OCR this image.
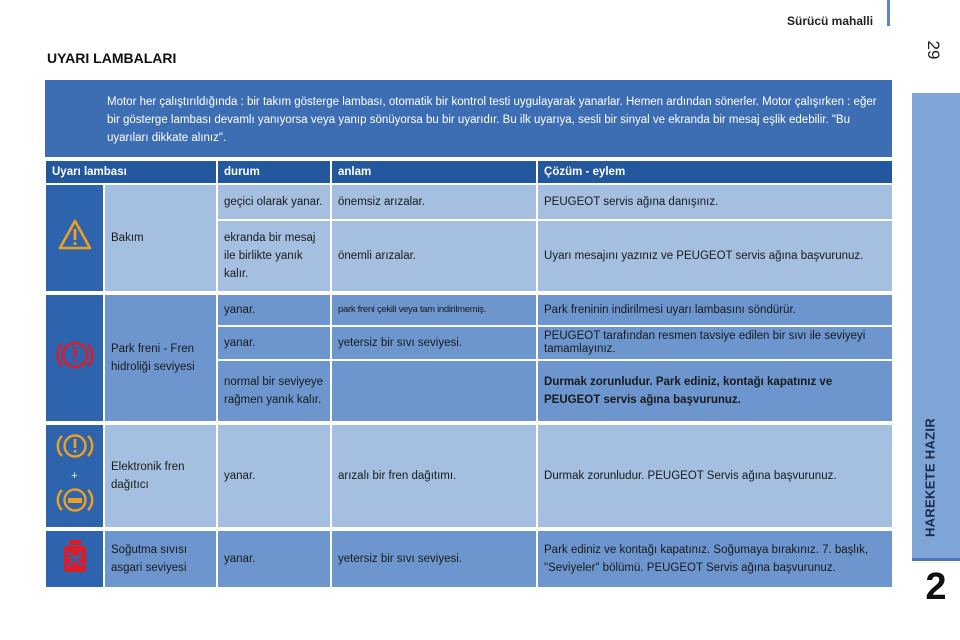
Sürücü mahalli
29
HAREKETE HAZIR
2
UYARI LAMBALARI

Motor her çalıştırıldığında : bir takım gösterge lambası, otomatik bir kontrol testi uygulayarak yanarlar. Hemen ardından sönerler. Motor çalışırken : eğer bir gösterge lambası devamlı yanıyorsa veya yanıp sönüyorsa bu bir uyarıdır. Bu ilk uyarıya, sesli bir sinyal ve ekranda bir mesaj eşlik edebilir. "Bu uyarıları dikkate alınız".

Uyarı lambası		durum	anlam	Çözüm - eylem
	Bakım	geçici olarak yanar.	önemsiz arızalar.	PEUGEOT servis ağına danışınız.
		ekranda bir mesaj ile birlikte yanık kalır.	önemli arızalar.	Uyarı mesajını yazınız ve PEUGEOT servis ağına başvurunuz.

	Park freni - Fren hidroliği seviyesi	yanar.	park freni çekili veya tam indirilmemiş.	Park freninin indirilmesi uyarı lambasını söndürür.
		yanar.	yetersiz bir sıvı seviyesi.	PEUGEOT tarafından resmen tavsiye edilen bir sıvı ile seviyeyi tamamlayınız.
		normal bir seviyeye rağmen yanık kalır.		Durmak zorunludur. Park ediniz, kontağı kapatınız ve PEUGEOT servis ağına başvurunuz.

+	Elektronik fren dağıtıcı	yanar.	arızalı bir fren dağıtımı.	Durmak zorunludur. PEUGEOT Servis ağına başvurunuz.

	Soğutma sıvısı asgari seviyesi	yanar.	yetersiz bir sıvı seviyesi.	Park ediniz ve kontağı kapatınız. Soğumaya bırakınız. 7. başlık, "Seviyeler" bölümü. PEUGEOT Servis ağına başvurunuz.
